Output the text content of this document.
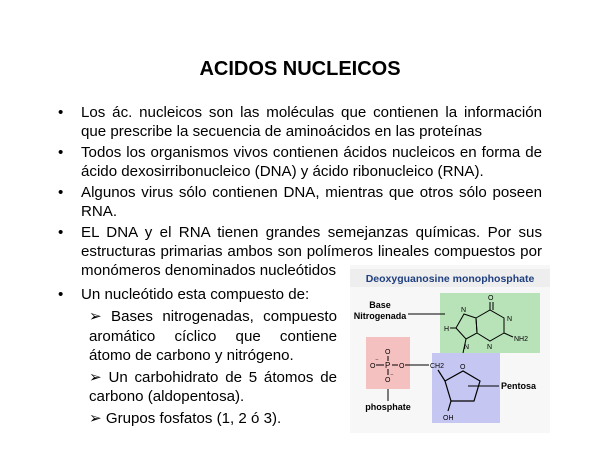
ACIDOS NUCLEICOS
• Los ác. nucleicos son las moléculas que contienen la información que prescribe la secuencia de aminoácidos en las proteínas
• Todos los organismos vivos contienen ácidos nucleicos en forma de ácido dexosirribonucleico (DNA) y ácido ribonucleico (RNA).
• Algunos virus sólo contienen DNA, mientras que otros sólo poseen RNA.
• EL DNA y el RNA tienen grandes semejanzas químicas. Por sus estructuras primarias ambos son polímeros lineales compuestos por monómeros denominados nucleótidos
• Un nucleótido esta compuesto de:

➢ Bases nitrogenadas, compuesto aromático cíclico que contiene átomo de carbono y nitrógeno.

➢ Un carbohidrato de 5 átomos de carbono (aldopentosa).

➢ Grupos fosfatos (1, 2 ó 3).

Deoxyguanosine monophosphate
Base
Nitrogenada
Pentosa
phosphate
O
N
N
N
N
H
NH2
O
P
O
⁻
O
O
⁻
CH2 O
OH
